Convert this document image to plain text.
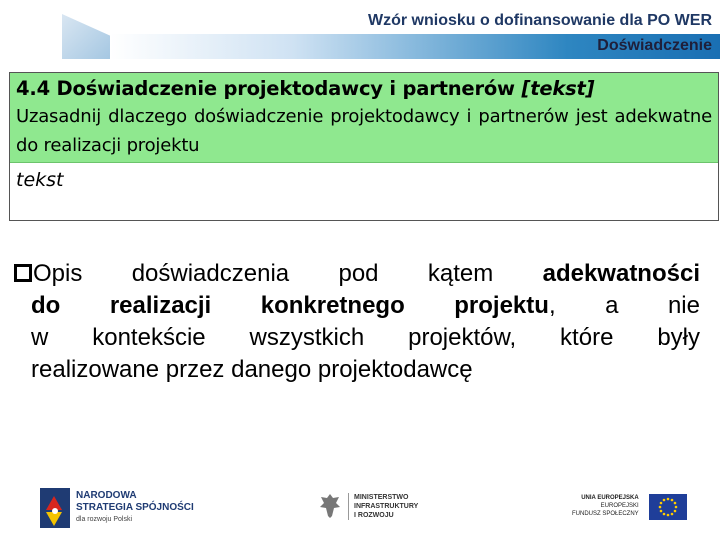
Wzór wniosku o dofinansowanie dla PO WER
Doświadczenie
4.4 Doświadczenie projektodawcy i partnerów [tekst]
Uzasadnij dlaczego doświadczenie projektodawcy i partnerów jest adekwatne do realizacji projektu
tekst
Opis doświadczenia pod kątem adekwatności
do realizacji konkretnego projektu, a nie
w kontekście wszystkich projektów, które były
realizowane przez danego projektodawcę
NARODOWA
STRATEGIA SPÓJNOŚCI
dla rozwoju Polski
MINISTERSTWO
INFRASTRUKTURY
I ROZWOJU
UNIA EUROPEJSKA
EUROPEJSKI
FUNDUSZ SPOŁECZNY
